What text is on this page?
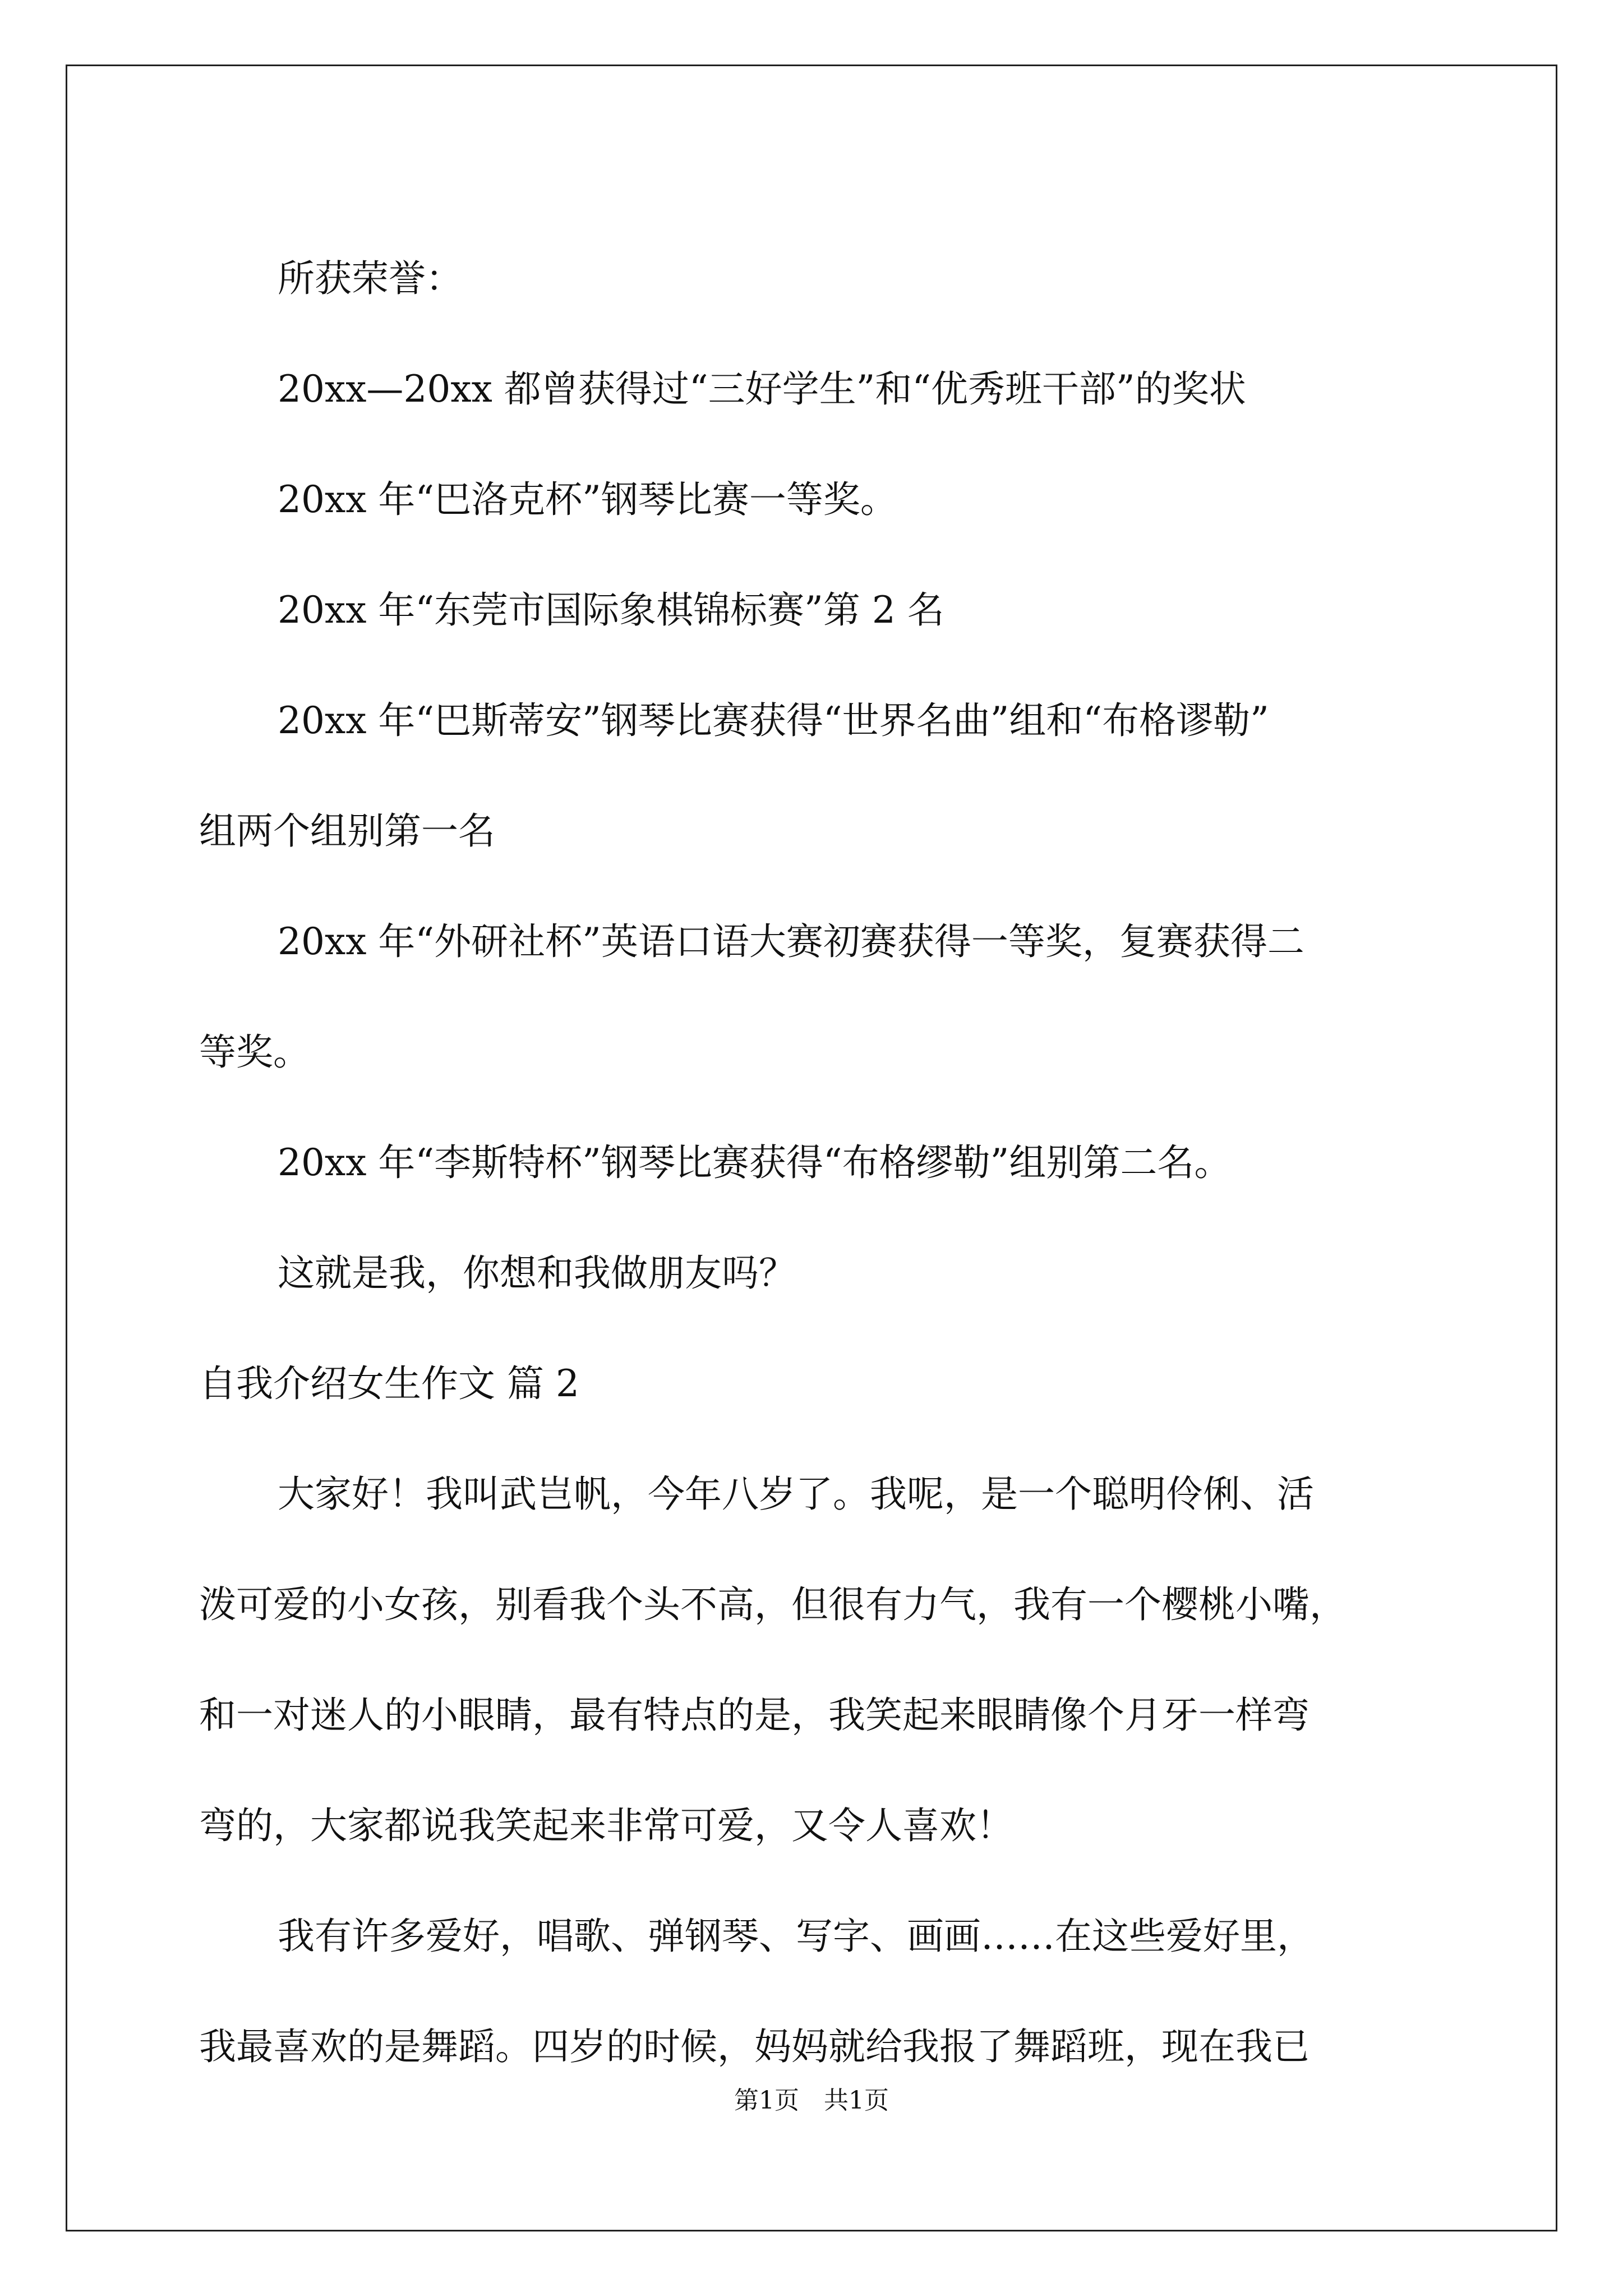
所获荣誉：

20xx—20xx 都曾获得过“三好学生”和“优秀班干部”的奖状

20xx 年“巴洛克杯”钢琴比赛一等奖。

20xx 年“东莞市国际象棋锦标赛”第 2 名

20xx 年“巴斯蒂安”钢琴比赛获得“世界名曲”组和“布格谬勒”

组两个组别第一名

20xx 年“外研社杯”英语口语大赛初赛获得一等奖，复赛获得二

等奖。

20xx 年“李斯特杯”钢琴比赛获得“布格缪勒”组别第二名。

这就是我，你想和我做朋友吗？

自我介绍女生作文 篇 2

大家好！我叫武岂帆，今年八岁了。我呢，是一个聪明伶俐、活

泼可爱的小女孩，别看我个头不高，但很有力气，我有一个樱桃小嘴，

和一对迷人的小眼睛，最有特点的是，我笑起来眼睛像个月牙一样弯

弯的，大家都说我笑起来非常可爱，又令人喜欢！

我有许多爱好，唱歌、弹钢琴、写字、画画……在这些爱好里，

我最喜欢的是舞蹈。四岁的时候，妈妈就给我报了舞蹈班，现在我已

第1页　共1页
